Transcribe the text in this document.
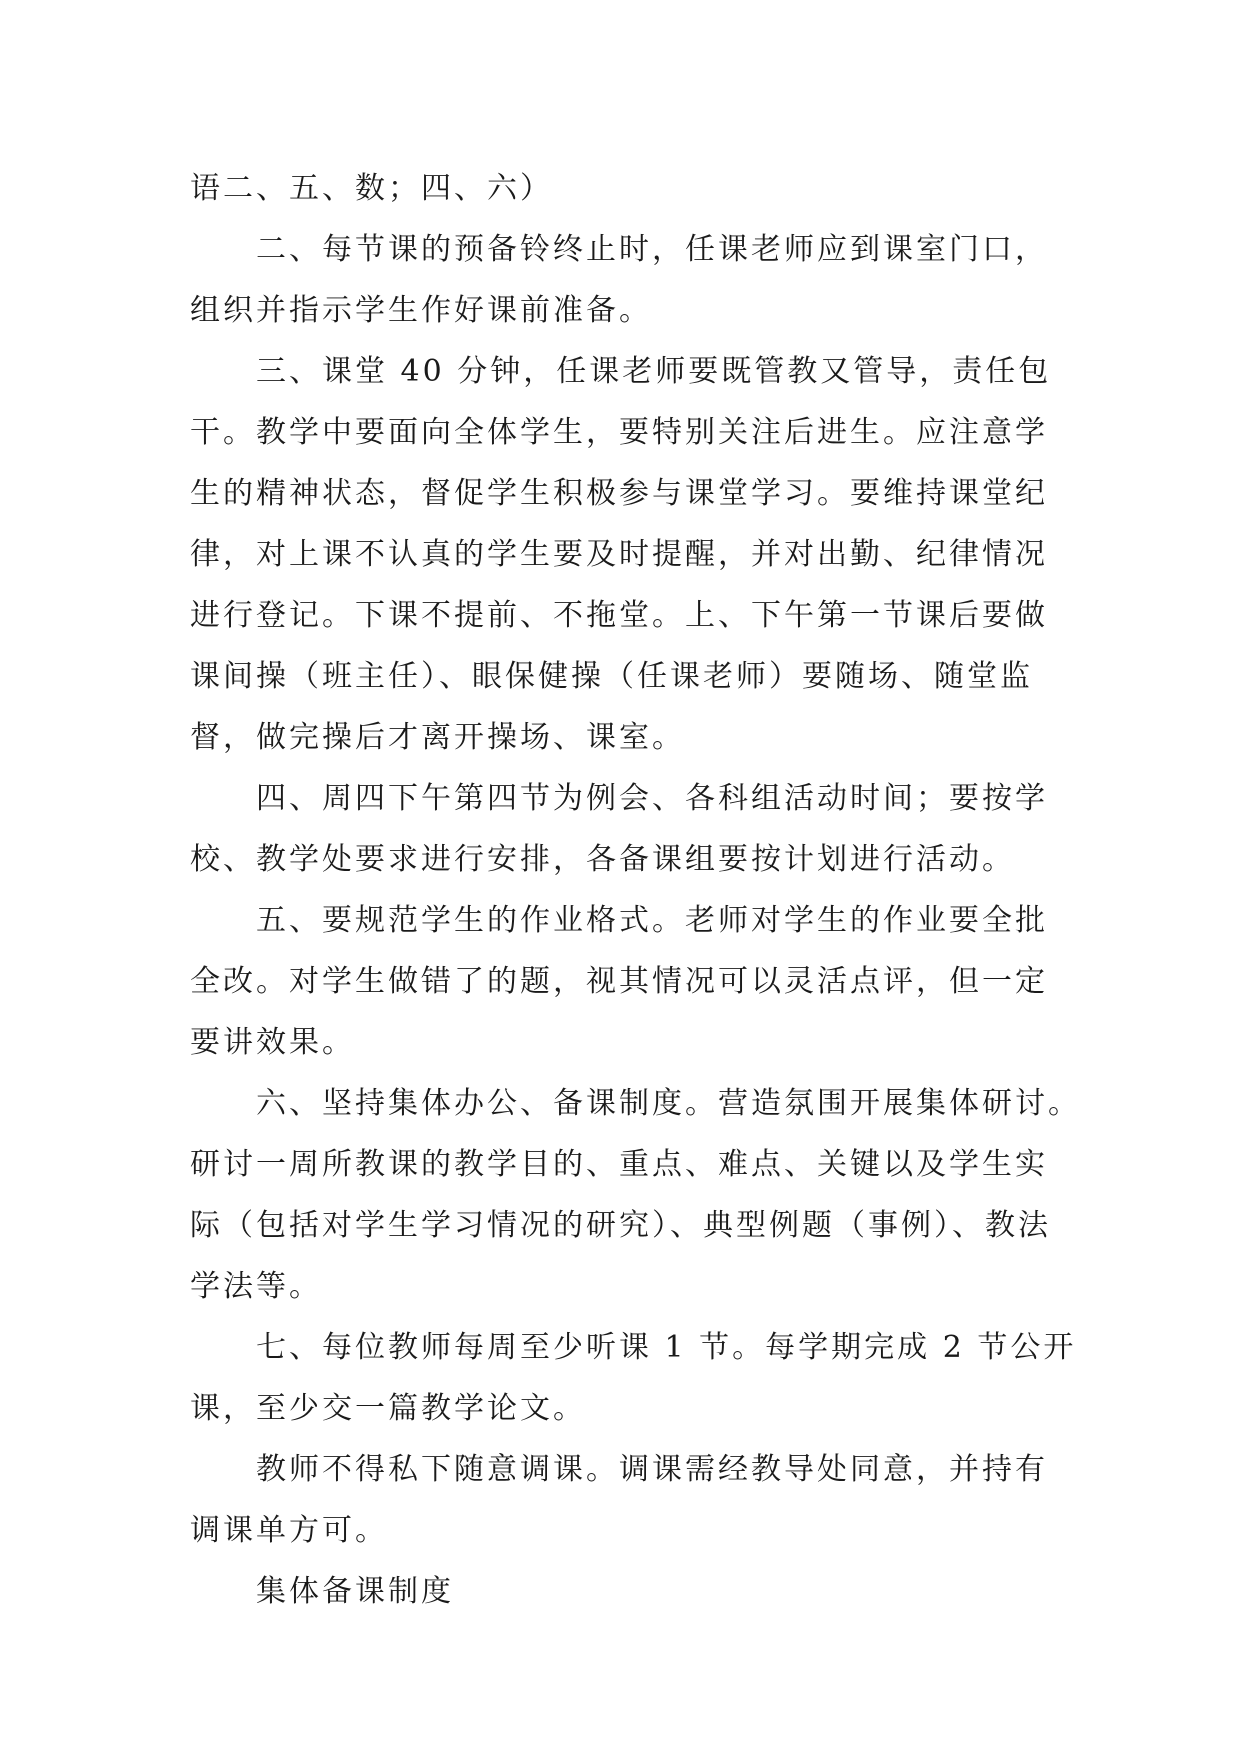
语二、五、数；四、六）
二、每节课的预备铃终止时，任课老师应到课室门口，
组织并指示学生作好课前准备。
三、课堂 40 分钟，任课老师要既管教又管导，责任包
干。教学中要面向全体学生，要特别关注后进生。应注意学
生的精神状态，督促学生积极参与课堂学习。要维持课堂纪
律，对上课不认真的学生要及时提醒，并对出勤、纪律情况
进行登记。下课不提前、不拖堂。上、下午第一节课后要做
课间操（班主任）、眼保健操（任课老师）要随场、随堂监
督，做完操后才离开操场、课室。
四、周四下午第四节为例会、各科组活动时间；要按学
校、教学处要求进行安排，各备课组要按计划进行活动。
五、要规范学生的作业格式。老师对学生的作业要全批
全改。对学生做错了的题，视其情况可以灵活点评，但一定
要讲效果。
六、坚持集体办公、备课制度。营造氛围开展集体研讨。
研讨一周所教课的教学目的、重点、难点、关键以及学生实
际（包括对学生学习情况的研究）、典型例题（事例）、教法
学法等。
七、每位教师每周至少听课 1 节。每学期完成 2 节公开
课，至少交一篇教学论文。
教师不得私下随意调课。调课需经教导处同意，并持有
调课单方可。
集体备课制度
